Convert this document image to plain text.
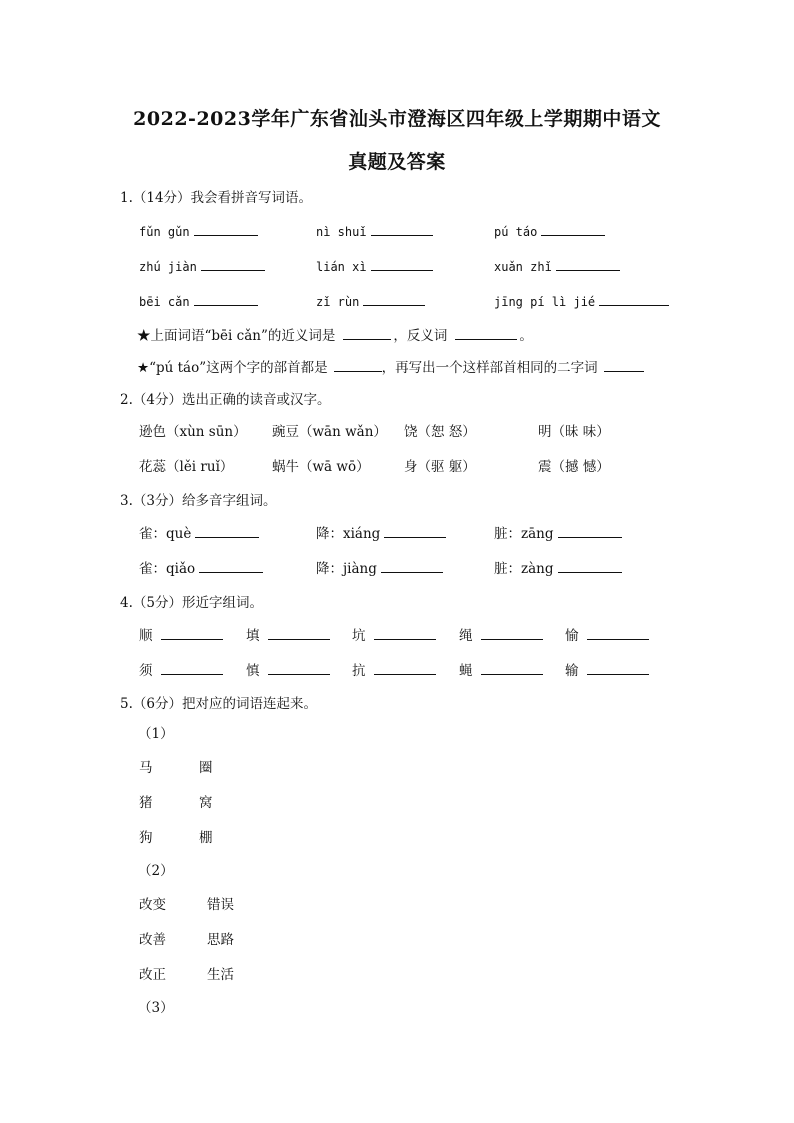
2022-2023学年广东省汕头市澄海区四年级上学期期中语文
真题及答案
1.（14分）我会看拼音写词语。
fǔn gǔn	nì shuǐ	pú táo
zhú jiàn	lián xì	xuǎn zhǐ
bēi cǎn	zǐ rùn	jīng pí lì jié
★上面词语“bēi cǎn”的近义词是	，反义词	。
★“pú táo”这两个字的部首都是	，再写出一个这样部首相同的二字词
2.（4分）选出正确的读音或汉字。
逊色（xùn sūn） 豌豆（wān wǎn） 饶（恕 怒）	明（昧 味）
花蕊（lěi ruǐ）	蜗牛（wā wō）	身（驱 躯）	震（撼 憾）
3.（3分）给多音字组词。
雀：què	降：xiáng	脏：zāng
雀：qiǎo	降：jiàng	脏：zàng
4.（5分）形近字组词。
顺	填	坑	绳	愉
须	慎	抗	蝇	输
5.（6分）把对应的词语连起来。
（1）
马	圈
猪	窝
狗	棚
（2）
改变	错误
改善	思路
改正	生活
（3）
